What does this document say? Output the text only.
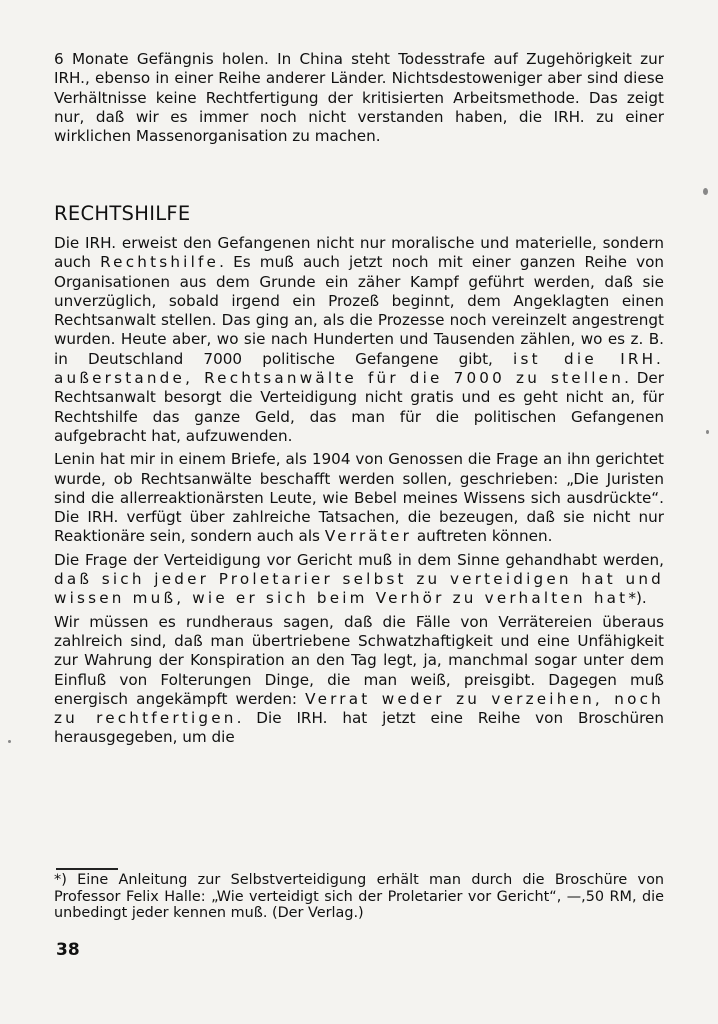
6 Monate Gefängnis holen. In China steht Todesstrafe auf Zugehörigkeit zur IRH., ebenso in einer Reihe anderer Länder. Nichtsdestoweniger aber sind diese Verhältnisse keine Rechtfertigung der kritisierten Arbeitsmethode. Das zeigt nur, daß wir es immer noch nicht verstanden haben, die IRH. zu einer wirklichen Massenorganisation zu machen.

RECHTSHILFE

Die IRH. erweist den Gefangenen nicht nur moralische und materielle, sondern auch Rechtshilfe. Es muß auch jetzt noch mit einer ganzen Reihe von Organisationen aus dem Grunde ein zäher Kampf geführt werden, daß sie unverzüglich, sobald irgend ein Prozeß beginnt, dem Angeklagten einen Rechtsanwalt stellen. Das ging an, als die Prozesse noch vereinzelt angestrengt wurden. Heute aber, wo sie nach Hunderten und Tausenden zählen, wo es z. B. in Deutschland 7000 politische Gefangene gibt, ist die IRH. außerstande, Rechtsanwälte für die 7000 zu stellen. Der Rechtsanwalt besorgt die Verteidigung nicht gratis und es geht nicht an, für Rechtshilfe das ganze Geld, das man für die politischen Gefangenen aufgebracht hat, aufzuwenden.

Lenin hat mir in einem Briefe, als 1904 von Genossen die Frage an ihn gerichtet wurde, ob Rechtsanwälte beschafft werden sollen, geschrieben: „Die Juristen sind die allerreaktionärsten Leute, wie Bebel meines Wissens sich ausdrückte“. Die IRH. verfügt über zahlreiche Tatsachen, die bezeugen, daß sie nicht nur Reaktionäre sein, sondern auch als Verräter auftreten können.

Die Frage der Verteidigung vor Gericht muß in dem Sinne gehandhabt werden, daß sich jeder Proletarier selbst zu verteidigen hat und wissen muß, wie er sich beim Verhör zu verhalten hat*).

Wir müssen es rundheraus sagen, daß die Fälle von Verrätereien überaus zahlreich sind, daß man übertriebene Schwatzhaftigkeit und eine Unfähigkeit zur Wahrung der Konspiration an den Tag legt, ja, manchmal sogar unter dem Einfluß von Folterungen Dinge, die man weiß, preisgibt. Dagegen muß energisch angekämpft werden: Verrat weder zu verzeihen, noch zu rechtfertigen. Die IRH. hat jetzt eine Reihe von Broschüren herausgegeben, um die

*) Eine Anleitung zur Selbstverteidigung erhält man durch die Broschüre von Professor Felix Halle: „Wie verteidigt sich der Proletarier vor Gericht“, —,50 RM, die unbedingt jeder kennen muß. (Der Verlag.)
38
